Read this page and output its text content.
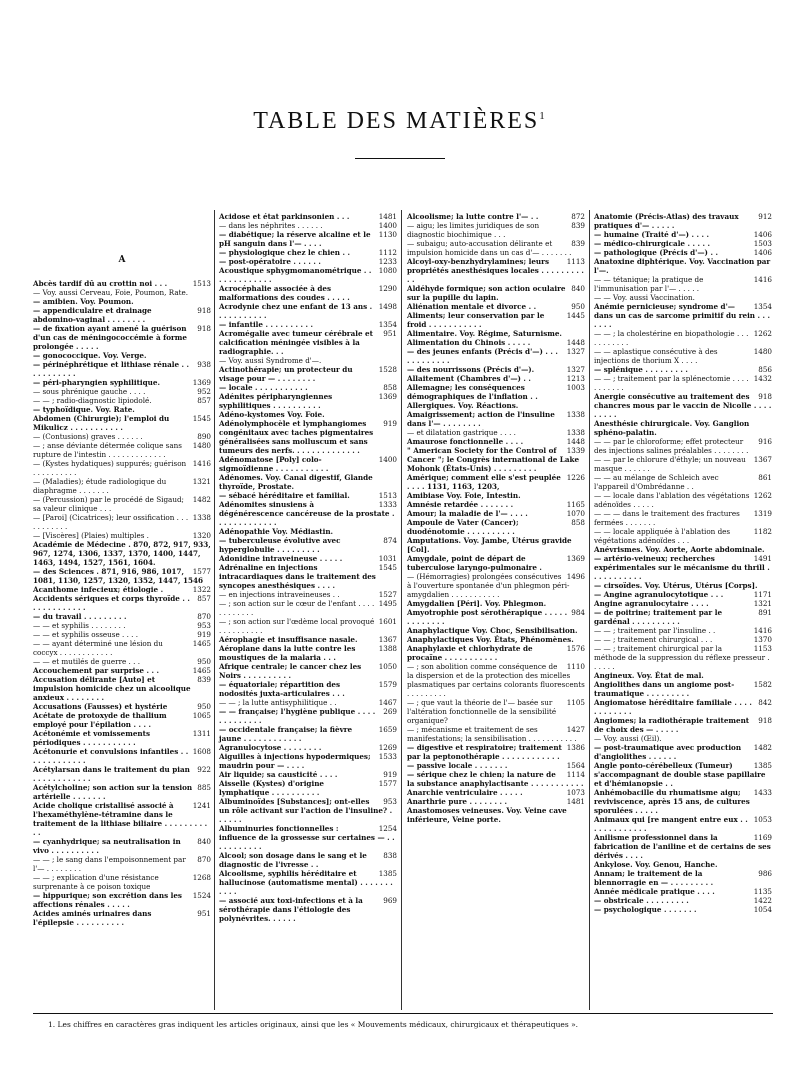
TABLE DES MATIÈRES$^1$
A
1513
Abcès tardif dû au crottin noi . . .
— Voy. aussi Cerveau, Foie, Poumon, Rate.
— amibien. Voy. Poumon.
918
— appendiculaire et drainage abdomino-vaginal . . . . . . . .
918
— de fixation ayant amené la guérison d'un cas de méningococcémie à forme prolongée . . . . .
— gonococcique. Voy. Verge.
938
— périnéphrétique et lithiase rénale . . . . . . . . . . .
1369
— péri-pharyngien syphilitique.
952
— sous phrénique gauche . . . .
857
— — ; radio-diagnostic lipiodolé.
— typhoïdique. Voy. Rate.
1545
Abdomen (Chirurgie); l'emploi du Mikulicz . . . . . . . . . . .
890
— (Contusions) graves . . . . . .
1480
— ; anse déviante détermée colique sans rupture de l'intestin . . . . . . . . . . . . .
1416
— (Kystes hydatiques) suppurés; guérison . . . . . . . . . .
1321
— (Maladies); étude radiologique du diaphragme . . . . . . .
1482
— (Percussion) par le procédé de Sigaud; sa valeur clinique . . .
1338
— [Paroi] (Cicatrices); leur ossification . . . . . . . . . . .
1320
— [Viscères] (Plaies) multiples .
Académie de Médecine . 870, 872, 917, 933, 967, 1274, 1306, 1337, 1370, 1400, 1447, 1463, 1494, 1527, 1561, 1604.
1577
— des Sciences . 871, 916, 986, 1017, 1081, 1130, 1257, 1320, 1352, 1447, 1546
1322
Acanthome infecieux; étiologie .
857
Accidents sériques et corps thyroïde . . . . . . . . . . . . .
870
— du travail . . . . . . . . .
953
— — et syphilis . . . . . . . .
919
— — et syphilis osseuse . . . .
1465
— — ayant déterminé une lésion du coccyx . . . . . . . . . . . .
950
— — et mutilés de guerre . . .
1465
Accouchement par surprise . . .
839
Accusation délirante [Auto] et impulsion homicide chez un alcoolique anxieux . . . . . . . .
950
Accusations (Fausses) et hystérie
1065
Acétate de protoxyde de thallium employé pour l'épilation . . . .
1311
Acétonémie et vomissements périodiques . . . . . . . . . . .
1608
Acétonurie et convulsions infantiles . . . . . . . . . . . . .
922
Acétylarsan dans le traitement du pian . . . . . . . . . . . .
885
Acétylcholine; son action sur la tension artérielle . . . . . . .
1241
Acide cholique cristallisé associé à l'hexaméthylène-tétramine dans le traitement de la lithiase biliaire . . . . . . . . . . .
840
— cyanhydrique; sa neutralisation in vivo . . . . . . . . . .
870
— — ; le sang dans l'empoisonnement par l'— . . . . . . . .
1268
— — ; explication d'une résistance surprenante à ce poison toxique
1524
— hippurique; son excrétion dans les affections rénales . . . . .
951
Acides aminés urinaires dans l'épilepsie . . . . . . . . . .
1481
Acidose et état parkinsonien . . .
1400
— dans les néphrites . . . . . .
1130
— diabétique; la réserve alcaline et le pH sanguin dans l'— . . . .
1112
— physiologique chez le chien . .
1233
— post-opératoire . . . . . .
1080
Acoustique sphygmomanométrique . . . . . . . . . . . . .
1290
Acrocéphalie associée à des malformations des coudes . . . . .
1498
Acrodynie chez une enfant de 13 ans . . . . . . . . . . .
1354
— infantile . . . . . . . . . .
951
Acromégalie avec tumeur cérébrale et calcification méningée visibles à la radiographie. . .
— Voy. aussi Syndrome d'—.
1528
Actinothérapie; un protecteur du visage pour — . . . . . . . .
858
— locale . . . . . . . . . . .
1369
Adénites péripharyngiennes syphilitiques . . . . . . . . . .
Adéno-kystomes Voy. Foie.
919
Adénolymphocèle et lymphangiomes congénitaux avec taches pigmentaires généralisées sans molluscum et sans tumeurs des nerfs. . . . . . . . . . . . . .
1400
Adénomatose [Poly] colo-sigmoïdienne . . . . . . . . . . .
Adénomes. Voy. Canal digestif, Glande thyroïde, Prostate.
1513
— sébacé héréditaire et familial.
1333
Adénomites sinusiens à dégénérescence cancéreuse de la prostate . . . . . . . . . . . . .
Adénopathie Voy. Médiastin.
874
— tuberculeuse évolutive avec hyperglobulie . . . . . . . . .
1031
Adonidine intraveineuse . . . . .
1545
Adrénaline en injections intracardiaques dans le traitement des syncopes anesthésiques . . . .
1527
— en injections intraveineuses . .
1495
— ; son action sur le cœur de l'enfant . . . . . . . . . . . .
1601
— ; son action sur l'œdème local provoqué . . . . . . . . . .
1367
Aérophagie et insuffisance nasale.
1388
Aéroplane dans la lutte contre les moustiques de la malaria . . .
1050
Afrique centrale; le cancer chez les Noirs . . . . . . . . . .
1579
— équatoriale; répartition des nodosités juxta-articulaires . . .
1467
— — ; la lutte antisyphilitique . .
269
— — française; l'hygiène publique . . . . . . . . . . . . .
1659
— occidentale française; la fièvre jaune . . . . . . . . . . . .
1269
Agranulocytose . . . . . . . .
1533
Aiguilles à injections hypodermiques; maudrin pour — . . . .
919
Air liquide; sa causticité . . . .
1577
Aisselle (Kystes) d'origine lymphatique . . . . . . . . . .
953
Albuminoïdes [Substances]; ont-elles un rôle activant sur l'action de l'insuline? . . . . . .
1254
Albuminuries fonctionnelles : influence de la grossesse sur certaines — . . . . . . . . . . .
838
Alcool; son dosage dans le sang et le diagnostic de l'ivresse . .
1385
Alcoolisme, syphilis héréditaire et hallucinose (automatisme mental) . . . . . . . . . . .
969
— associé aux toxi-infections et à la sérothérapie dans l'étiologie des polynévrites. . . . . .
872
Alcoolisme; la lutte contre l'— . .
839
— aigu; les limites juridiques de son diagnostic biochimique . . .
839
— subaigu; auto-accusation délirante et impulsion homicide dans un cas d'— . . . . . . .
1113
Alcoyl-oxy-benzhydrylamines; leurs propriétés anesthésiques locales . . . . . . . . . . .
840
Aldéhyde formique; son action oculaire sur la pupille du lapin.
950
Aliénation mentale et divorce . .
1445
Aliments; leur conservation par le froid . . . . . . . . . . .
Alimentaire. Voy. Régime, Saturnisme.
1448
Alimentation du Chinois . . . . .
1327
— des jeunes enfants (Précis d'—) . . . . . . . . . . . .
1327
— des nourrissons (Précis d'—).
1213
Allaitement (Chambres d'—) . .
1003
Allemagne; les conséquences démographiques de l'inflation . .
Allergiques. Voy. Réactions.
1338
Amaigrissement; action de l'insuline dans l'— . . . . . . . .
1338
— et dilatation gastrique . . . .
1448
Amaurose fonctionnelle . . . .
1339
" American Society for the Control of Cancer "; le Congrès international de Lake Mohonk (États-Unis) . . . . . . . . .
1226
Amérique; comment elle s'est peuplée . . . . 1131, 1163, 1203,
Amibiase Voy. Foie, Intestin.
1165
Amnésie retardée . . . . . . .
1070
Amour; la maladie de l'— . . . .
858
Ampoule de Vater (Cancer); duodénotomie . . . . . . . . . .
Amputations. Voy. Jambe, Utérus gravide [Col].
1369
Amygdale, point de départ de tuberculose laryngo-pulmonaire .
1496
— (Hémorragies) prolongées consécutives à l'ouverture spontanée d'un phlegmon péri-amygdalien . . . . . . . . . . .
Amygdalien [Péri]. Voy. Phlegmon.
984
Amyotrophie post sérothérapique . . . . . . . . . . . . .
Anaphylactique Voy. Choc, Sensibilisation.
Anaphylactiques Voy. États, Phénomènes.
1576
Anaphylaxie et chlorhydrate de procaïne . . . . . . . . . . .
1110
— ; son abolition comme conséquence de la dispersion et de la protection des micelles plasmatiques par certains colorants fluorescents . . . . . . . . .
1105
— ; que vaut la théorie de l'— basée sur l'altération fonctionnelle de la sensibilité organique?
1427
— ; mécanisme et traitement de ses manifestations; la sensibilisation . . . . . . . . . . .
1386
— digestive et respiratoire; traitement par la peptonothérapie . . . . . . . . . . . .
1564
— passive locale . . . . . . .
1114
— sérique chez le chien; la nature de la substance anaphylactisante . . . . . . . . . . .
1073
Anarchie ventriculaire . . . . .
1481
Anarthrie pure . . . . . . . .
Anastomoses veineuses. Voy. Veine cave inférieure, Veine porte.
912
Anatomie (Précis-Atlas) des travaux pratiques d'— . . . . .
1406
— humaine (Traité d'—) . . . .
1503
— médico-chirurgicale . . . . .
1406
— pathologique (Précis d'—) . .
Anatoxine diphtérique. Voy. Vaccination par l'—.
1416
— — tétanique; la pratique de l'immunisation par l'— . . . . .
— — Voy. aussi Vaccination.
1354
Anémie pernicieuse; syndrome d'— dans un cas de sarcome primitif du rein . . . . . . .
1262
— — ; la cholestérine en biopathologie . . . . . . . . . . .
1480
— — aplastique consécutive à des injections de thorium X . . . .
856
— splénique . . . . . . . . .
1432
— — ; traitement par la splénectomie . . . . . . . . . . .
918
Anergie consécutive au traitement des chancres mous par le vaccin de Nicolle . . . . . . . . .
Anesthésie chirurgicale. Voy. Ganglion sphéno-palatin.
916
— — par le chloroforme; effet protecteur des injections salines préalables . . . . . . . .
1367
— — par le chlorure d'éthyle; un nouveau masque . . . . . .
861
— — au mélange de Schleich avec l'appareil d'Ombrédanne . .
1262
— — locale dans l'ablation des végétations adénoïdes . . . . .
1319
— — — dans le traitement des fractures fermées . . . . . . .
1182
— — locale appliquée à l'ablation des végétations adénoïdes . . .
Anévrismes. Voy. Aorte, Aorte abdominale.
1491
— artério-veineux; recherches expérimentales sur le mécanisme du thrill . . . . . . . . . . .
— cirsoïdes. Voy. Utérus, Utérus [Corps].
1171
— Angine agranulocytotique . . .
1321
Angine agranulocytaire . . . .
891
— de poitrine; traitement par le gardénal . . . . . . . . . .
1416
— — ; traitement par l'insuline . .
1370
— — ; traitement chirurgical . . .
1153
— — ; traitement chirurgical par la méthode de la suppression du réflexe presseur . . . . . .
Angineux. Voy. État de mal.
1582
Angiolithes dans un angiome post-traumatique . . . . . . . . .
842
Angiomatose héréditaire familiale . . . . . . . . . . . .
918
Angiomes; la radiothérapie traitement de choix des — . . . . .
— Voy. aussi (Œil).
1482
— post-traumatique avec production d'angiolithes . . . . . .
1385
Angle ponto-cérébelleux (Tumeur) s'accompagnant de double stase papillaire et d'hémianopsie . .
1433
Anhémobacille du rhumatisme aigu; reviviscence, après 15 ans, de cultures sporulées . . . . .
1053
Animaux qui [re mangent entre eux . . . . . . . . . . . . .
1169
Anilisme professionnel dans la fabrication de l'aniline et de certains de ses dérivés . . . .
Ankylose. Voy. Genou, Hanche.
986
Annam; le traitement de la blennorragie en — . . . . . . . . .
1135
Année médicale pratique . . . .
1422
— obstricale . . . . . . . . .
1054
— psychologique . . . . . . .
1. Les chiffres en caractères gras indiquent les articles originaux, ainsi que les « Mouvements médicaux, chirurgicaux et thérapeutiques ».
